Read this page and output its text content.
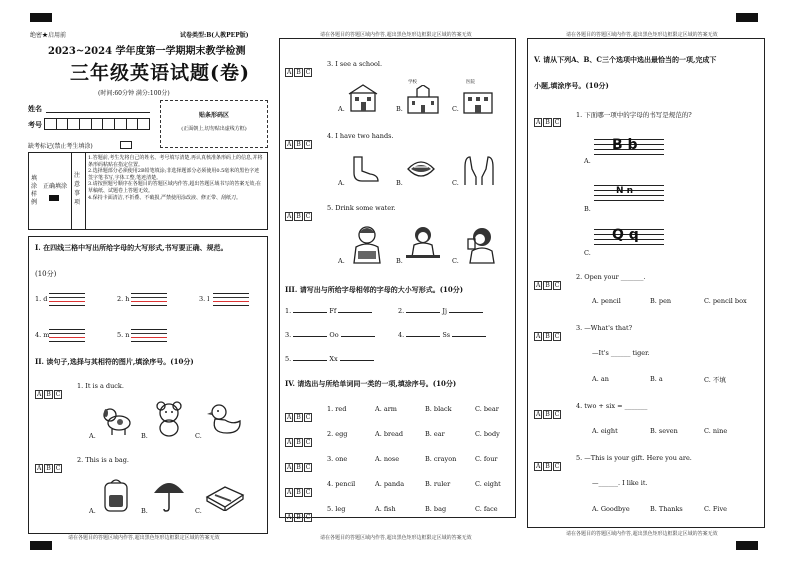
绝密★启用前	试卷类型:B(人教PEP版)
2023~2024 学年度第一学期期末教学检测
三年级英语试题(卷)
(时间:60分钟 满分:100分)
姓名
考号
贴条形码区
(正面朝上,切勿贴出虚线方框)
缺考标记(禁止考生填涂)
填涂样例
正确填涂
注意事项
1.答题前,考生先将自己的姓名、考号填写清楚,再认真核准条形码上的信息,并将条形码粘贴在指定位置。
2.选择题部分必须使用2B铅笔填涂;非选择题部分必须使用0.5毫米的黑色字迹签字笔书写,字体工整,笔迹清楚。
3.请按照题号顺序在各题目的答题区域内作答,超出答题区域书写的答案无效;在草稿纸、试题卷上答题无效。
4.保持卡面清洁,不折叠、不破损,严禁使用涂改液、修正带、刮纸刀。
I. 在四线三格中写出所给字母的大写形式,书写要正确、规范。
(10分)
1. d	2. h	3. l
4. m	5. n
II. 读句子,选择与其相符的图片,填涂序号。(10分)
A B C
1. It is a duck.
A.	B.	C.
A B C
2. This is a bag.
A.	B.	C.
请在各题目的答题区域内作答,超出黑色矩形边框限定区域的答案无效
A B C
3. I see a school.
A.	B.
学校
C.
医院
A B C
4. I have two hands.
A.	B.	C.
A B C
5. Drink some water.
A.	B.	C.
III. 请写出与所给字母相邻的字母的大小写形式。(10分)
1.	Ff	2.	Jj
3.	Oo	4.	Ss
5.	Xx
IV. 请选出与所给单词同一类的一项,填涂序号。(10分)
A B C
1. red	A. arm	B. black	C. bear
A B C
2. egg	A. bread	B. ear	C. body
A B C
3. one	A. nose	B. crayon	C. four
A B C
4. pencil	A. panda	B. ruler	C. eight
A B C
5. leg	A. fish	B. bag	C. face
请在各题目的答题区域内作答,超出黑色矩形边框限定区域的答案无效
请在各题目的答题区域内作答,超出黑色矩形边框限定区域的答案无效
V. 请从下列A、B、C三个选项中选出最恰当的一项,完成下
小题,填涂序号。(10分)
A B C
1. 下面哪一项中的字母的书写是规范的?
A.
B b
B.
N n
C.
Q q
A B C
2. Open your _______.
A. pencil	B. pen	C. pencil box
A B C
3. —What's that?
—It's ______ tiger.
A. an	B. a	C. 不填
A B C
4. two + six = _______
A. eight	B. seven	C. nine
A B C
5. —This is your gift. Here you are.
—______. I like it.
A. Goodbye	B. Thanks	C. Five
请在各题目的答题区域内作答,超出黑色矩形边框限定区域的答案无效
请在各题目的答题区域内作答,超出黑色矩形边框限定区域的答案无效
